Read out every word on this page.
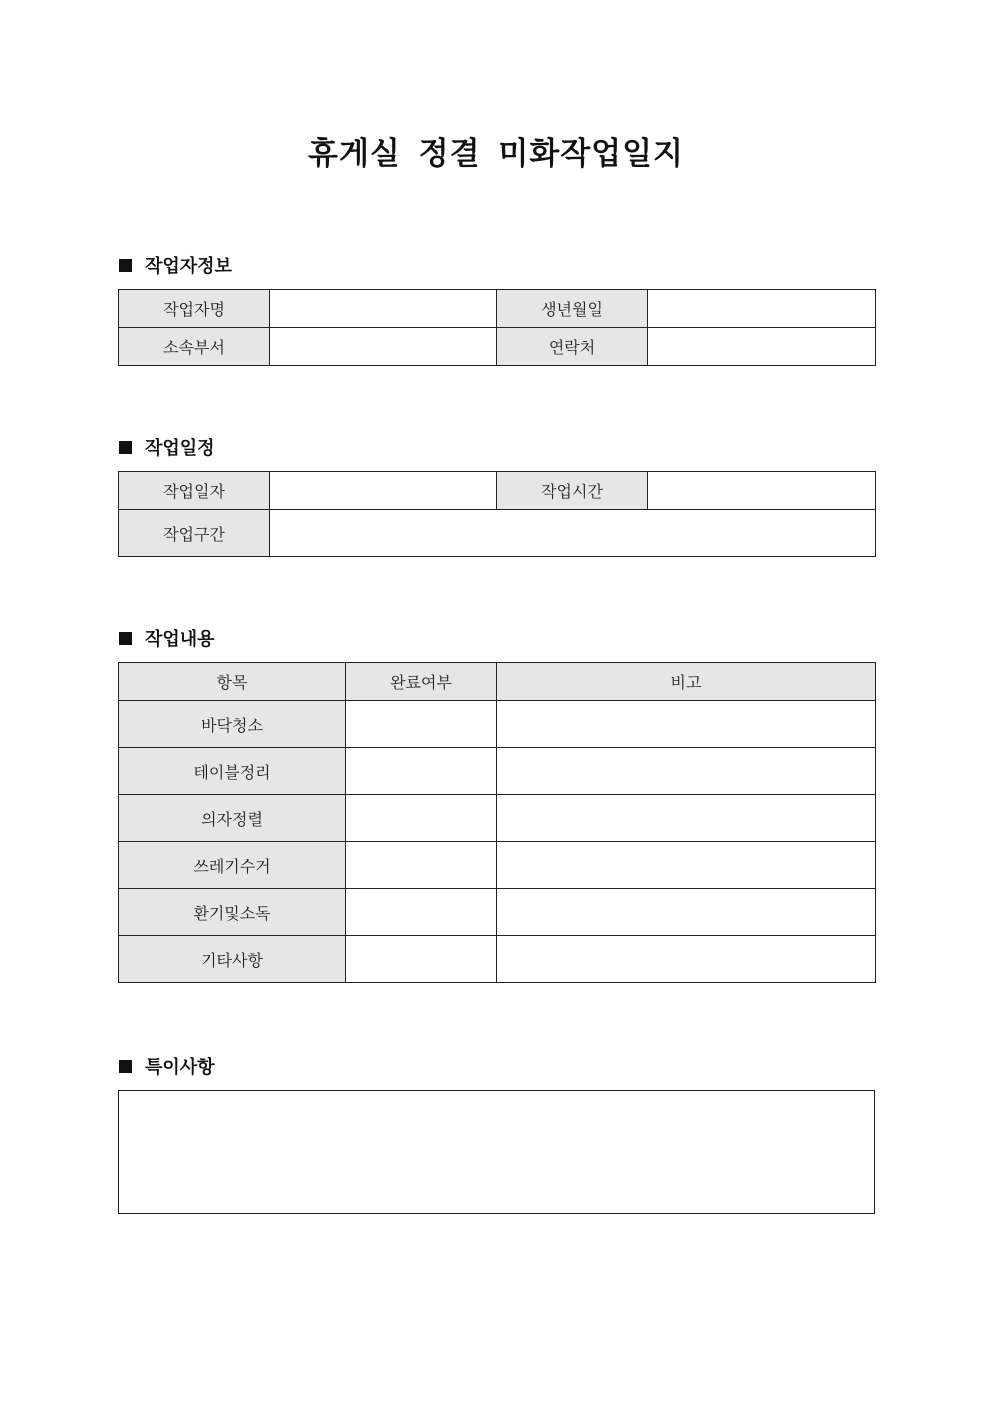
휴게실 정결 미화작업일지
작업자정보
작업자명		생년월일	
소속부서		연락처	
작업일정
작업일자		작업시간	
작업구간			
작업내용
항목	완료여부	비고
바닥청소		
테이블정리		
의자정렬		
쓰레기수거		
환기및소독		
기타사항		
특이사항
